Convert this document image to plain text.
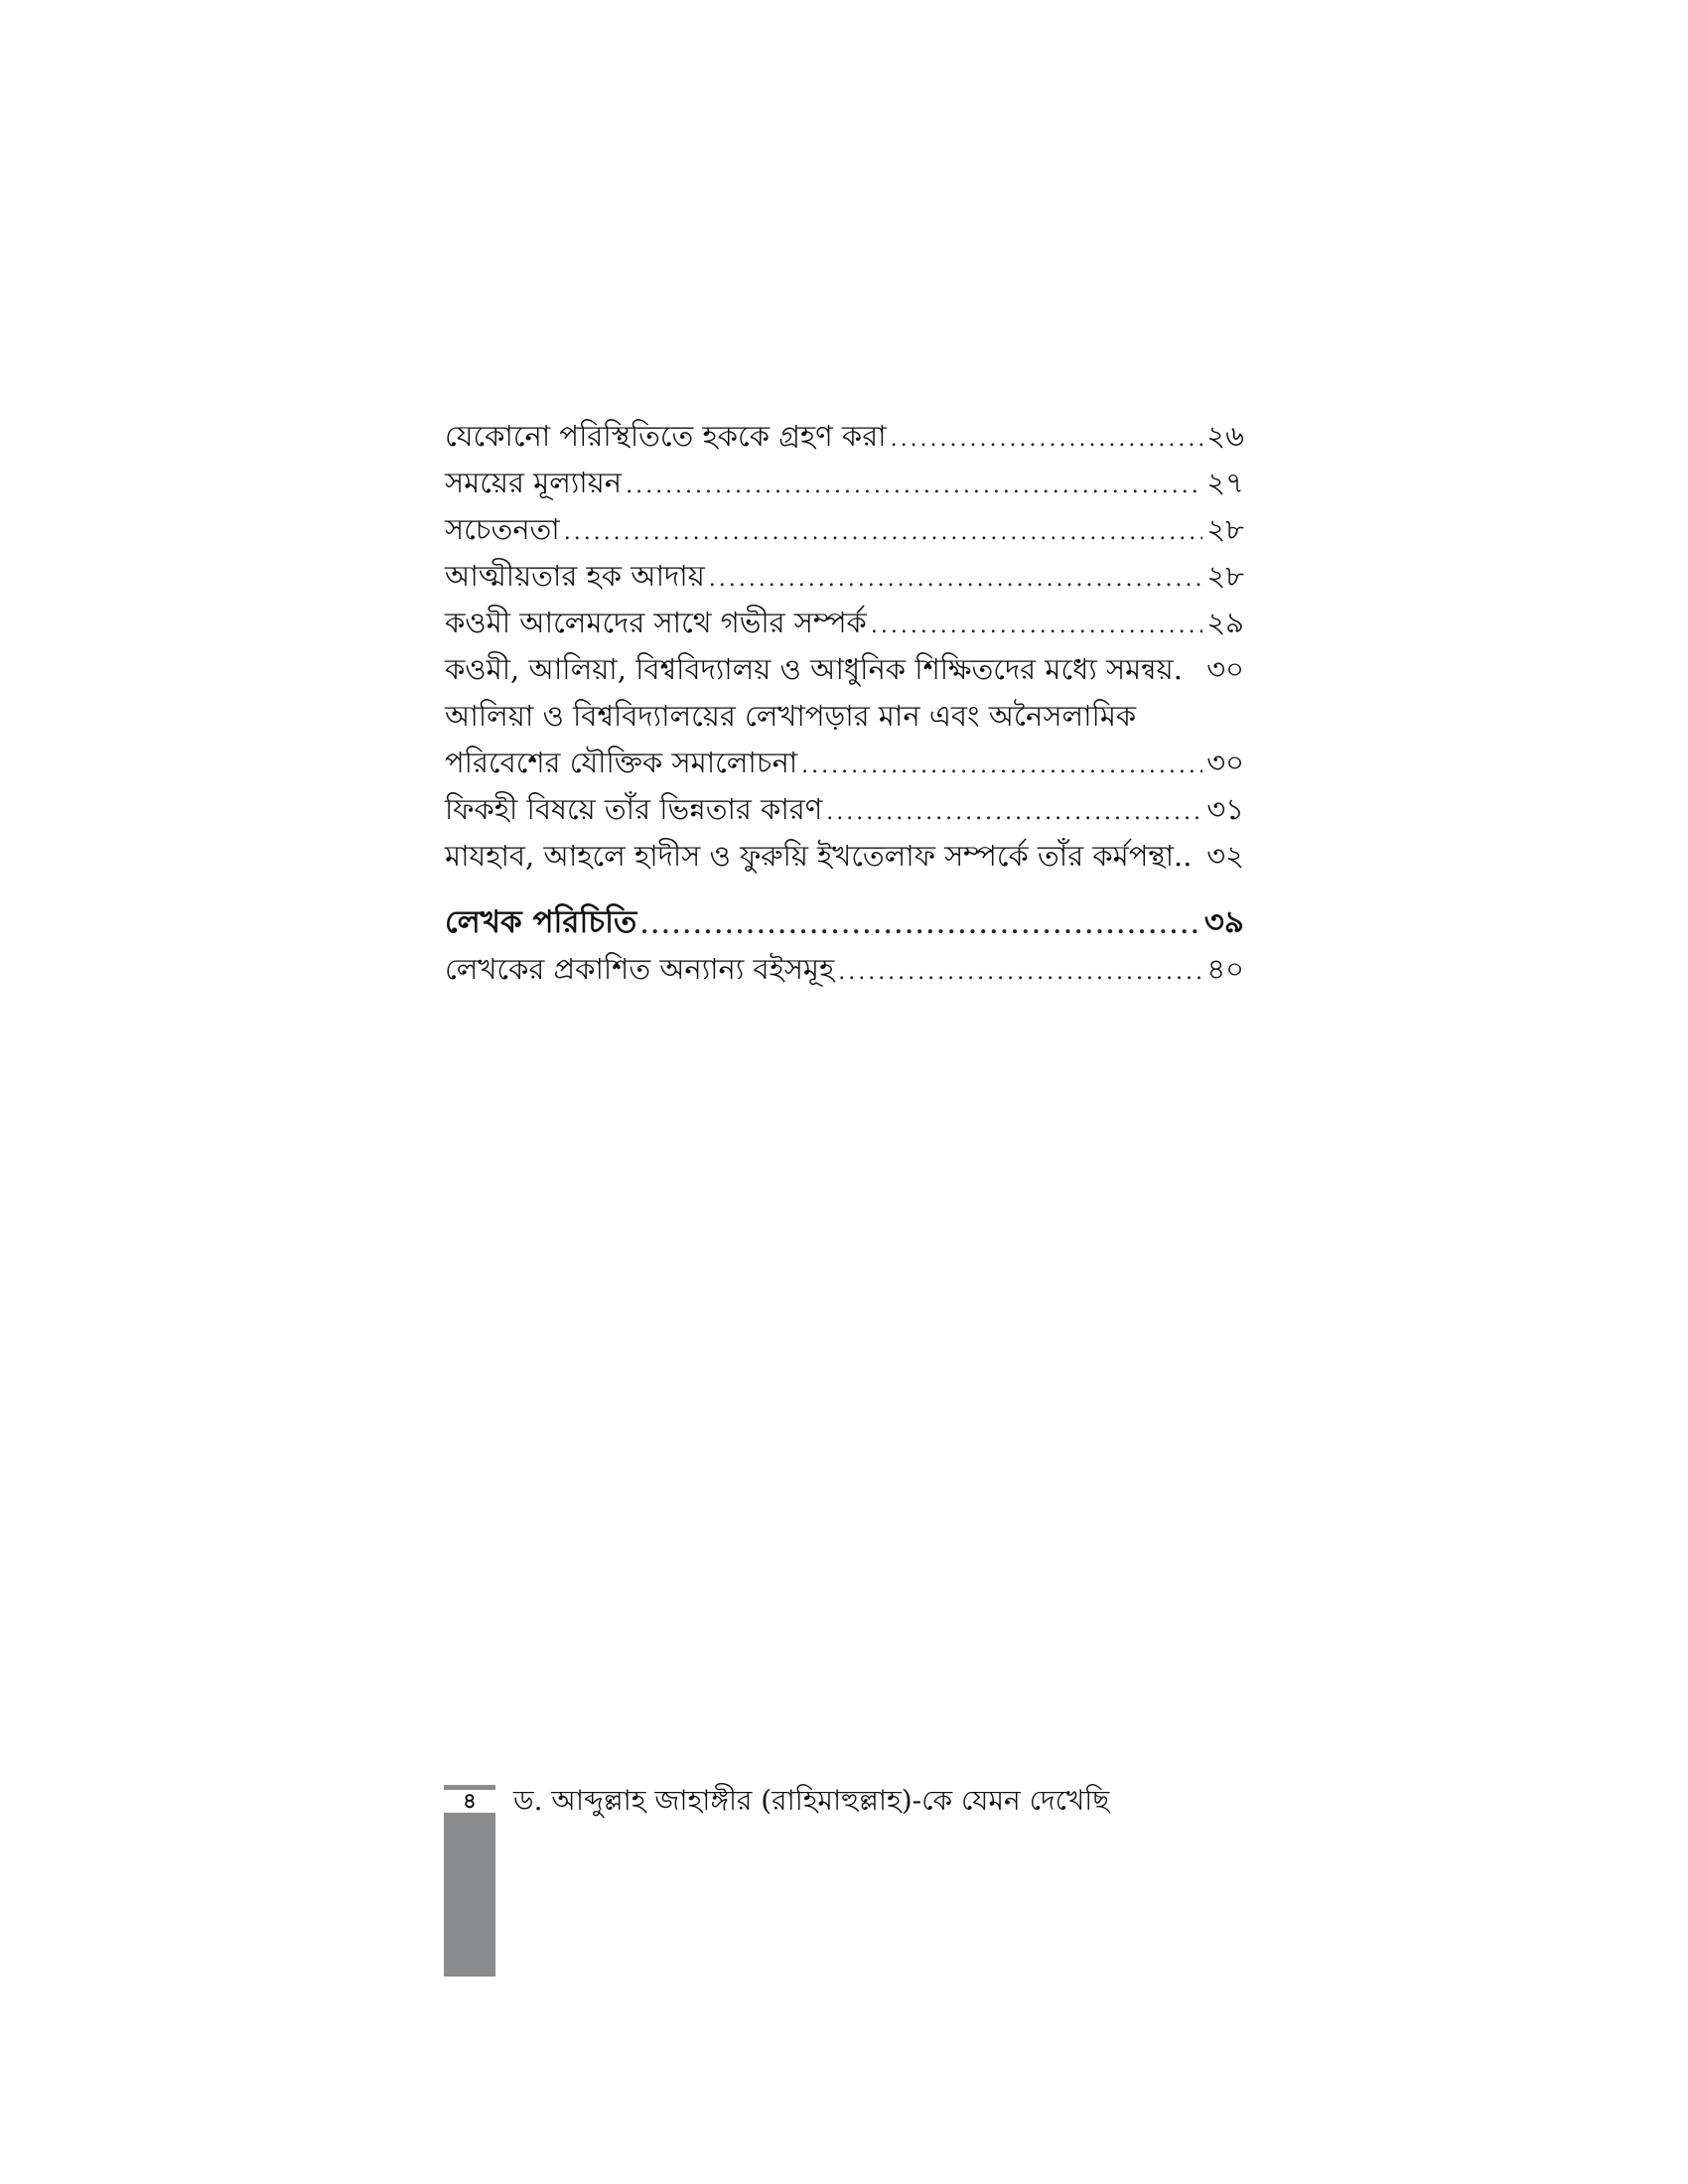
যেকোনো পরিস্থিতিতে হককে গ্রহণ করা .....	২৬
সময়ের মূল্যায়ন .....	২৭
সচেতনতা .....	২৮
আত্মীয়তার হক আদায় .....	২৮
কওমী আলেমদের সাথে গভীর সম্পর্ক .....	২৯
কওমী, আলিয়া, বিশ্ববিদ্যালয় ও আধুনিক শিক্ষিতদের মধ্যে সমন্বয়. ৩০
আলিয়া ও বিশ্ববিদ্যালয়ের লেখাপড়ার মান এবং অনৈসলামিক
পরিবেশের যৌক্তিক সমালোচনা .....	৩০
ফিকহী বিষয়ে তাঁর ভিন্নতার কারণ .....	৩১
মাযহাব, আহলে হাদীস ও ফুরুয়ি ইখতেলাফ সম্পর্কে তাঁর কর্মপন্থা.. ৩২
লেখক পরিচিতি .....	৩৯
লেখকের প্রকাশিত অন্যান্য বইসমূহ .....	৪০
৪	ড. আব্দুল্লাহ জাহাঙ্গীর (রাহিমাহুল্লাহ)-কে যেমন দেখেছি
